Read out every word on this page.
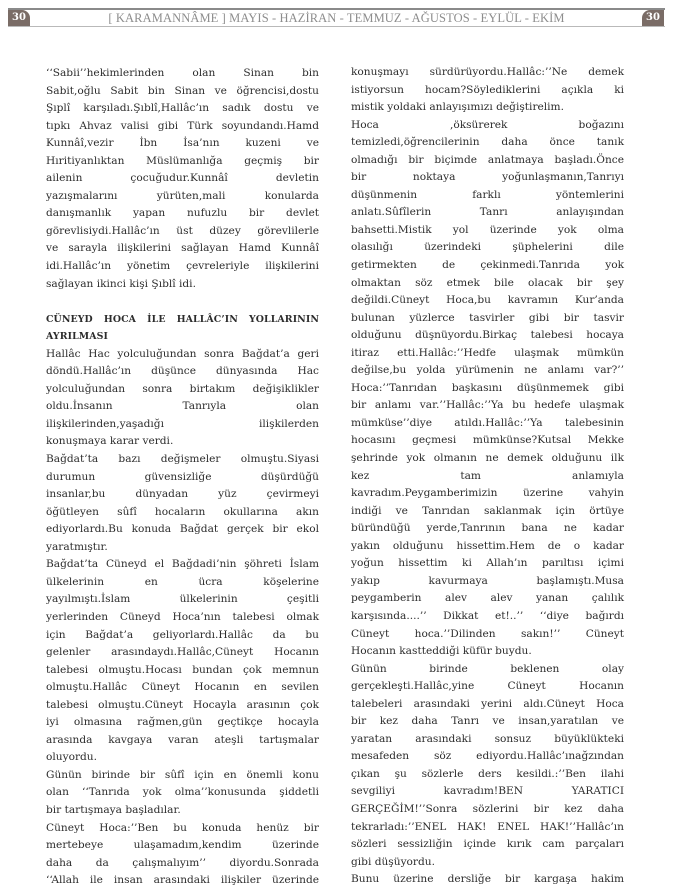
30	[ KARAMANNÂME ] MAYIS - HAZİRAN - TEMMUZ - AĞUSTOS - EYLÜL - EKİM	30
‘‘Sabii’’hekimlerinden olan Sinan bin
Sabit,oğlu Sabit bin Sinan ve öğrencisi,dostu
Şıplî karşıladı.Şıblî,Hallâc’ın sadık dostu ve
tıpkı Ahvaz valisi gibi Türk soyundandı.Hamd
Kunnâî,vezir İbn İsa’nın kuzeni ve
Hıritiyanlıktan Müslümanlığa geçmiş bir
ailenin çocuğudur.Kunnâî devletin
yazışmalarını yürüten,mali konularda
danışmanlık yapan nufuzlu bir devlet
görevlisiydi.Hallâc’ın üst düzey görevlilerle
ve sarayla ilişkilerini sağlayan Hamd Kunnâî
idi.Hallâc’ın yönetim çevreleriyle ilişkilerini
sağlayan ikinci kişi Şıblî idi.
CÜNEYD HOCA İLE HALLÂC’IN YOLLARININ
AYRILMASI
Hallâc Hac yolculuğundan sonra Bağdat’a geri
döndü.Hallâc’ın düşünce dünyasında Hac
yolculuğundan sonra birtakım değişiklikler
oldu.İnsanın Tanrıyla olan
ilişkilerinden,yaşadığı ilişkilerden
konuşmaya karar verdi.
Bağdat’ta bazı değişmeler olmuştu.Siyasi
durumun güvensizliğe düşürdüğü
insanlar,bu dünyadan yüz çevirmeyi
öğütleyen sûfî hocaların okullarına akın
ediyorlardı.Bu konuda Bağdat gerçek bir ekol
yaratmıştır.
Bağdat’ta Cüneyd el Bağdadi’nin şöhreti İslam
ülkelerinin en ücra köşelerine
yayılmıştı.İslam ülkelerinin çeşitli
yerlerinden Cüneyd Hoca’nın talebesi olmak
için Bağdat’a geliyorlardı.Hallâc da bu
gelenler arasındaydı.Hallâc,Cüneyt Hocanın
talebesi olmuştu.Hocası bundan çok memnun
olmuştu.Hallâc Cüneyt Hocanın en sevilen
talebesi olmuştu.Cüneyt Hocayla arasının çok
iyi olmasına rağmen,gün geçtikçe hocayla
arasında kavgaya varan ateşli tartışmalar
oluyordu.
Günün birinde bir sûfî için en önemli konu
olan ‘‘Tanrıda yok olma’’konusunda şiddetli
bir tartışmaya başladılar.
Cüneyt Hoca:’’Ben bu konuda henüz bir
mertebeye ulaşamadım,kendim üzerinde
daha da çalışmalıyım’’ diyordu.Sonrada
‘‘Allah ile insan arasındaki ilişkiler üzerinde
konuşmayı sürdürüyordu.Hallâc:’’Ne demek
istiyorsun hocam?Söylediklerini açıkla ki
mistik yoldaki anlayışımızı değiştirelim.
Hoca ,öksürerek boğazını
temizledi,öğrencilerinin daha önce tanık
olmadığı bir biçimde anlatmaya başladı.Önce
bir noktaya yoğunlaşmanın,Tanrıyı
düşünmenin farklı yöntemlerini
anlatı.Sûfîlerin Tanrı anlayışından
bahsetti.Mistik yol üzerinde yok olma
olasılığı üzerindeki şüphelerini dile
getirmekten de çekinmedi.Tanrıda yok
olmaktan söz etmek bile olacak bir şey
değildi.Cüneyt Hoca,bu kavramın Kur’anda
bulunan yüzlerce tasvirler gibi bir tasvir
olduğunu düşnüyordu.Birkaç talebesi hocaya
itiraz etti.Hallâc:’’Hedfe ulaşmak mümkün
değilse,bu yolda yürümenin ne anlamı var?’’
Hoca:’’Tanrıdan başkasını düşünmemek gibi
bir anlamı var.’’Hallâc:’’Ya bu hedefe ulaşmak
mümküse’’diye atıldı.Hallâc:’’Ya talebesinin
hocasını geçmesi mümkünse?Kutsal Mekke
şehrinde yok olmanın ne demek olduğunu ilk
kez tam anlamıyla
kavradım.Peygamberimizin üzerine vahyin
indiği ve Tanrıdan saklanmak için örtüye
büründüğü yerde,Tanrının bana ne kadar
yakın olduğunu hissettim.Hem de o kadar
yoğun hissettim ki Allah’ın parıltısı içimi
yakıp kavurmaya başlamıştı.Musa
peygamberin alev alev yanan çalılık
karşısında....’’ Dikkat et!..’’ ‘‘diye bağırdı
Cüneyt hoca.’’Dilinden sakın!’’ Cüneyt
Hocanın kastteddiği küfür buydu.
Günün birinde beklenen olay
gerçekleşti.Hallâc,yine Cüneyt Hocanın
talebeleri arasındaki yerini aldı.Cüneyt Hoca
bir kez daha Tanrı ve insan,yaratılan ve
yaratan arasındaki sonsuz büyüklükteki
mesafeden söz ediyordu.Hallâc’ınağzından
çıkan şu sözlerle ders kesildi.:’’Ben ilahi
sevgiliyi kavradım!BEN YARATICI
GERÇEĞİM!’’Sonra sözlerini bir kez daha
tekrarladı:’’ENEL HAK! ENEL HAK!’’Hallâc’ın
sözleri sessizliğin içinde kırık cam parçaları
gibi düşüyordu.
Bunu üzerine dersliğe bir kargaşa hakim
